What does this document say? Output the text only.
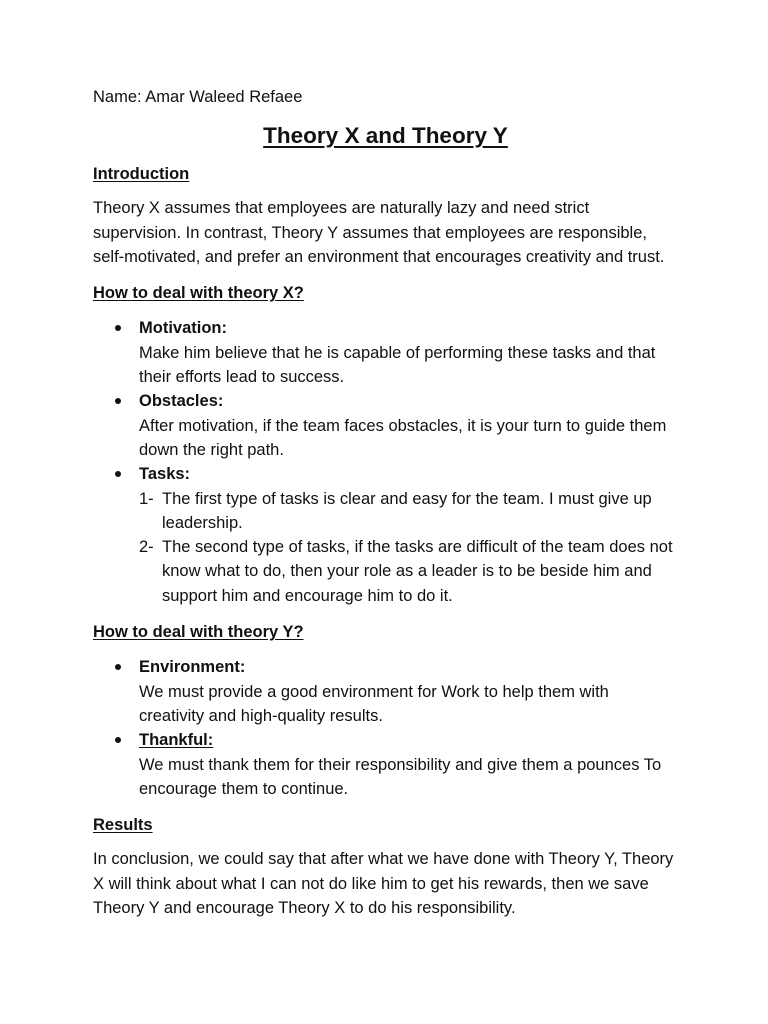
Name: Amar Waleed Refaee

Theory X and Theory Y

Introduction

Theory X assumes that employees are naturally lazy and need strict supervision. In contrast, Theory Y assumes that employees are responsible, self-motivated, and prefer an environment that encourages creativity and trust.

How to deal with theory X?

Motivation:
Make him believe that he is capable of performing these tasks and that their efforts lead to success.
Obstacles:
After motivation, if the team faces obstacles, it is your turn to guide them down the right path.
Tasks:
1- The first type of tasks is clear and easy for the team. I must give up leadership.
2- The second type of tasks, if the tasks are difficult of the team does not know what to do, then your role as a leader is to be beside him and support him and encourage him to do it.

How to deal with theory Y?

Environment:
We must provide a good environment for Work to help them with creativity and high-quality results.
Thankful:
We must thank them for their responsibility and give them a pounces To encourage them to continue.

Results

In conclusion, we could say that after what we have done with Theory Y, Theory X will think about what I can not do like him to get his rewards, then we save Theory Y and encourage Theory X to do his responsibility.
